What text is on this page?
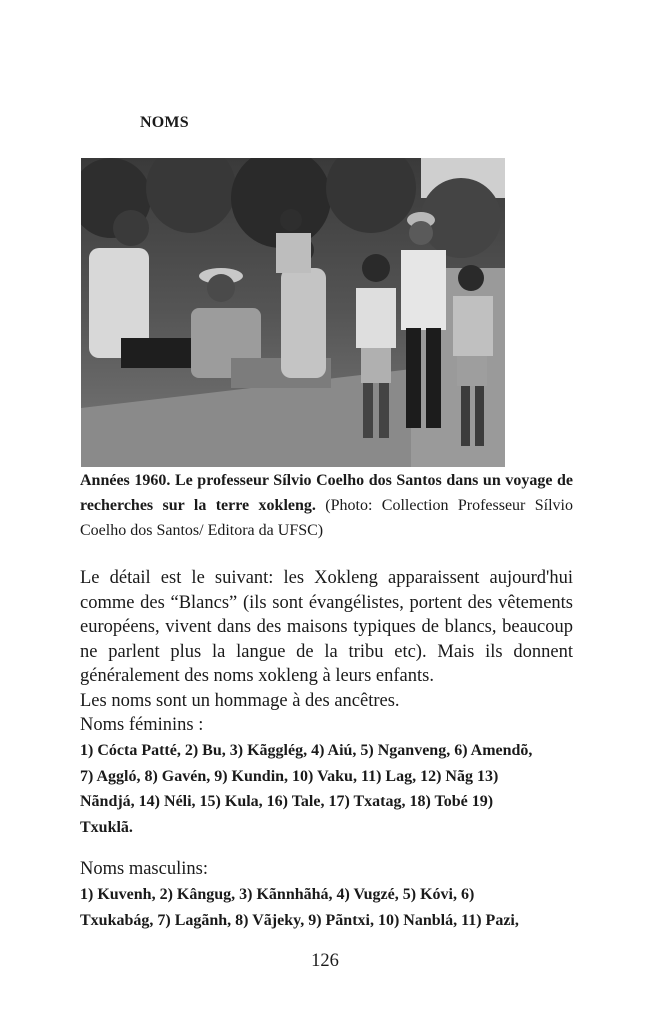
NOMS
Années 1960. Le professeur Sílvio Coelho dos Santos dans un voyage de recherches sur la terre xokleng. (Photo: Collection Professeur Sílvio Coelho dos Santos/ Editora da UFSC)
Le détail est le suivant: les Xokleng apparaissent aujourd'hui comme des “Blancs” (ils sont évangélistes, portent des vêtements européens, vivent dans des maisons typiques de blancs, beaucoup ne parlent plus la langue de la tribu etc). Mais ils donnent généralement des noms xokleng à leurs enfants.
Les noms sont un hommage à des ancêtres.
Noms féminins :
1) Cócta Patté, 2) Bu, 3) Kãgglég, 4) Aiú, 5) Nganveng, 6) Amendõ,
7) Aggló, 8) Gavén, 9) Kundin, 10) Vaku, 11) Lag, 12) Nãg 13)
Nãndjá, 14) Néli, 15) Kula, 16) Tale, 17) Txatag, 18) Tobé 19)
Txuklã.
Noms masculins:
1) Kuvenh, 2) Kângug, 3) Kãnnhãhá, 4) Vugzé, 5) Kóvi, 6)
Txukabág, 7) Lagãnh, 8) Vãjeky, 9) Pãntxi, 10) Nanblá, 11) Pazi,
126
